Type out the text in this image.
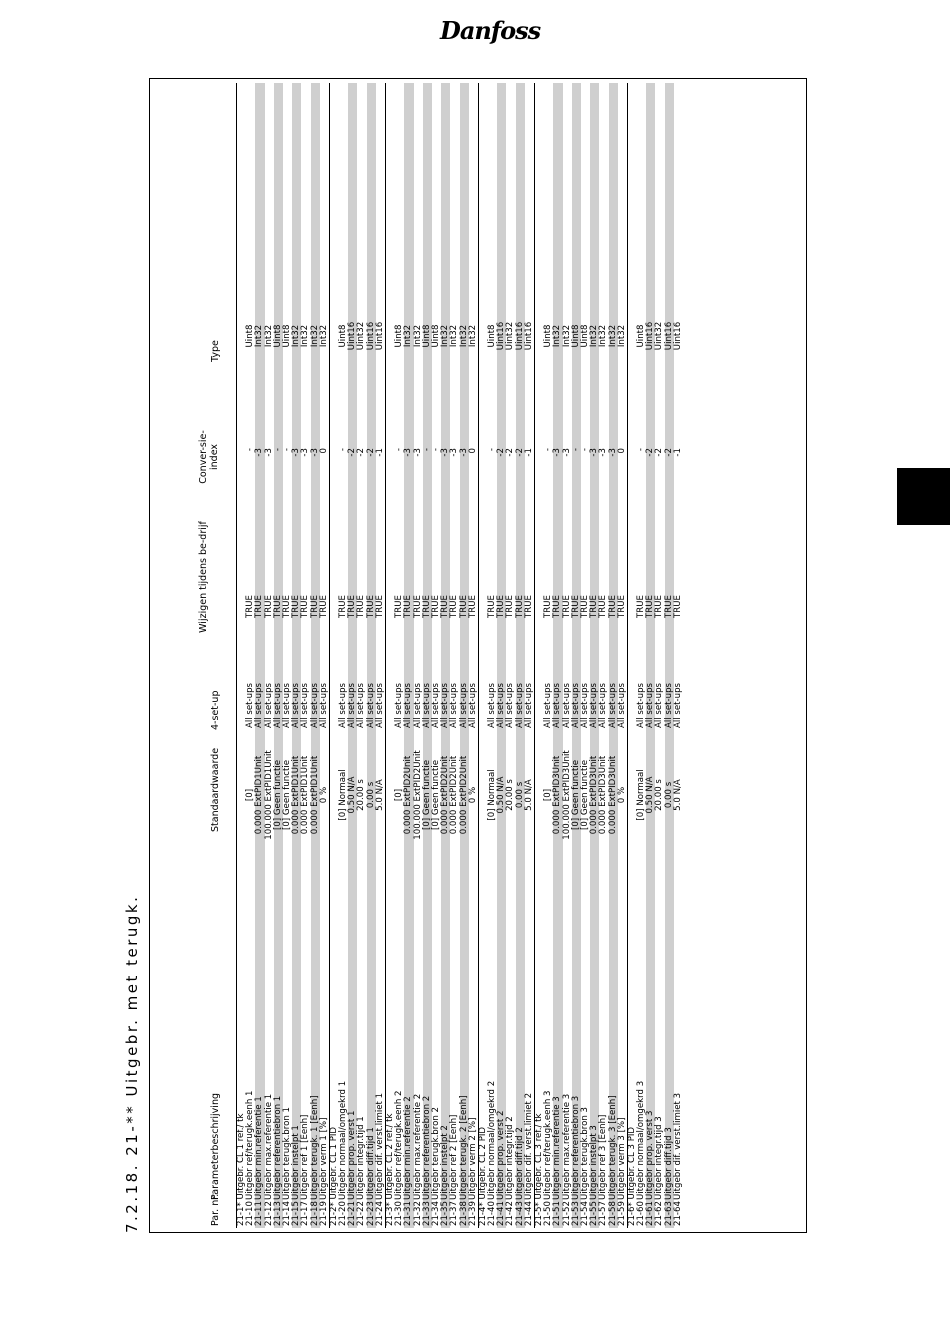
Danfoss
7.2.18. 21-** Uitgebr. met terugk.	Par. nr.
Parameterbeschrijving
Standaardwaarde
4-set-up
Wijzigen tijdens be-drijf
Conver-sie-index
Type
21-1* Uitgebr. CL 1 ref./ tk 21-10
Uitgebr ref/terugk.eenh 1
[0]
All set-ups
TRUE
-
Uint8
21-11
Uitgebr min.referentie 1
0.000 ExtPID1Unit
All set-ups
TRUE
-3
Int32
21-12
Uitgebr max.referentie 1
100.000 ExtPID1Unit
All set-ups
TRUE
-3
Int32
21-13
Uitgebr referentiebron 1
[0] Geen functie
All set-ups
TRUE
-
Uint8
21-14
Uitgebr terugk.bron 1
[0] Geen functie
All set-ups
TRUE
-
Uint8
21-15
Uitgebr instelpt 1
0.000 ExtPID1Unit
All set-ups
TRUE
-3
Int32
21-17
Uitgebr ref 1 [Eenh]
0.000 ExtPID1Unit
All set-ups
TRUE
-3
Int32
21-18
Uitgebr terugk. 1 [Eenh]
0.000 ExtPID1Unit
All set-ups
TRUE
-3
Int32
21-19
Uitgebr verm 1 [%]
0 %
All set-ups
TRUE
0
Int32
21-2* Uitgebr. CL 1 PID 21-20
Uitgebr normaal/omgekrd 1
[0] Normaal
All set-ups
TRUE
-
Uint8
21-21
Uitgebr prop. verst 1
0.50 N/A
All set-ups
TRUE
-2
Uint16
21-22
Uitgebr integr.tijd 1
20.00 s
All set-ups
TRUE
-2
Uint32
21-23
Uitgebr diff.tijd 1
0.00 s
All set-ups
TRUE
-2
Uint16
21-24
Uitgebr dif. verst.limiet 1
5.0 N/A
All set-ups
TRUE
-1
Uint16
21-3* Uitgebr. CL 2 ref./ tk 21-30
Uitgebr ref/terugk.eenh 2
[0]
All set-ups
TRUE
-
Uint8
21-31
Uitgebr min.referentie 2
0.000 ExtPID2Unit
All set-ups
TRUE
-3
Int32
21-32
Uitgebr max.referentie 2
100.000 ExtPID2Unit
All set-ups
TRUE
-3
Int32
21-33
Uitgebr referentiebron 2
[0] Geen functie
All set-ups
TRUE
-
Uint8
21-34
Uitgebr terugk.bron 2
[0] Geen functie
All set-ups
TRUE
-
Uint8
21-35
Uitgebr instelpt 2
0.000 ExtPID2Unit
All set-ups
TRUE
-3
Int32
21-37
Uitgebr ref 2 [Eenh]
0.000 ExtPID2Unit
All set-ups
TRUE
-3
Int32
21-38
Uitgebr terugk. 2 [Eenh]
0.000 ExtPID2Unit
All set-ups
TRUE
-3
Int32
21-39
Uitgebr verm 2 [%]
0 %
All set-ups
TRUE
0
Int32
21-4* Uitgebr. CL 2 PID 21-40
Uitgebr normaal/omgekrd 2
[0] Normaal
All set-ups
TRUE
-
Uint8
21-41
Uitgebr prop. verst 2
0.50 N/A
All set-ups
TRUE
-2
Uint16
21-42
Uitgebr integr.tijd 2
20.00 s
All set-ups
TRUE
-2
Uint32
21-43
Uitgebr diff.tijd 2
0.00 s
All set-ups
TRUE
-2
Uint16
21-44
Uitgebr dif. verst.limiet 2
5.0 N/A
All set-ups
TRUE
-1
Uint16
21-5* Uitgebr. CL 3 ref./ tk 21-50
Uitgebr ref/terugk.eenh 3
[0]
All set-ups
TRUE
-
Uint8
21-51
Uitgebr min.referentie 3
0.000 ExtPID3Unit
All set-ups
TRUE
-3
Int32
21-52
Uitgebr max.referentie 3
100.000 ExtPID3Unit
All set-ups
TRUE
-3
Int32
21-53
Uitgebr referentiebron 3
[0] Geen functie
All set-ups
TRUE
-
Uint8
21-54
Uitgebr terugk.bron 3
[0] Geen functie
All set-ups
TRUE
-
Uint8
21-55
Uitgebr instelpt 3
0.000 ExtPID3Unit
All set-ups
TRUE
-3
Int32
21-57
Uitgebr ref 3 [Eenh]
0.000 ExtPID3Unit
All set-ups
TRUE
-3
Int32
21-58
Uitgebr terugk. 3 [Eenh]
0.000 ExtPID3Unit
All set-ups
TRUE
-3
Int32
21-59
Uitgebr verm 3 [%]
0 %
All set-ups
TRUE
0
Int32
21-6* Uitgebr. CL 3 PID 21-60
Uitgebr normaal/omgekrd 3
[0] Normaal
All set-ups
TRUE
-
Uint8
21-61
Uitgebr prop. verst 3
0.50 N/A
All set-ups
TRUE
-2
Uint16
21-62
Uitgebr integr.tijd 3
20.00 s
All set-ups
TRUE
-2
Uint32
21-63
Uitgebr diff.tijd 3
0.00 s
All set-ups
TRUE
-2
Uint16
21-64
Uitgebr dif. verst.limiet 3
5.0 N/A
All set-ups
TRUE
-1
Uint16
